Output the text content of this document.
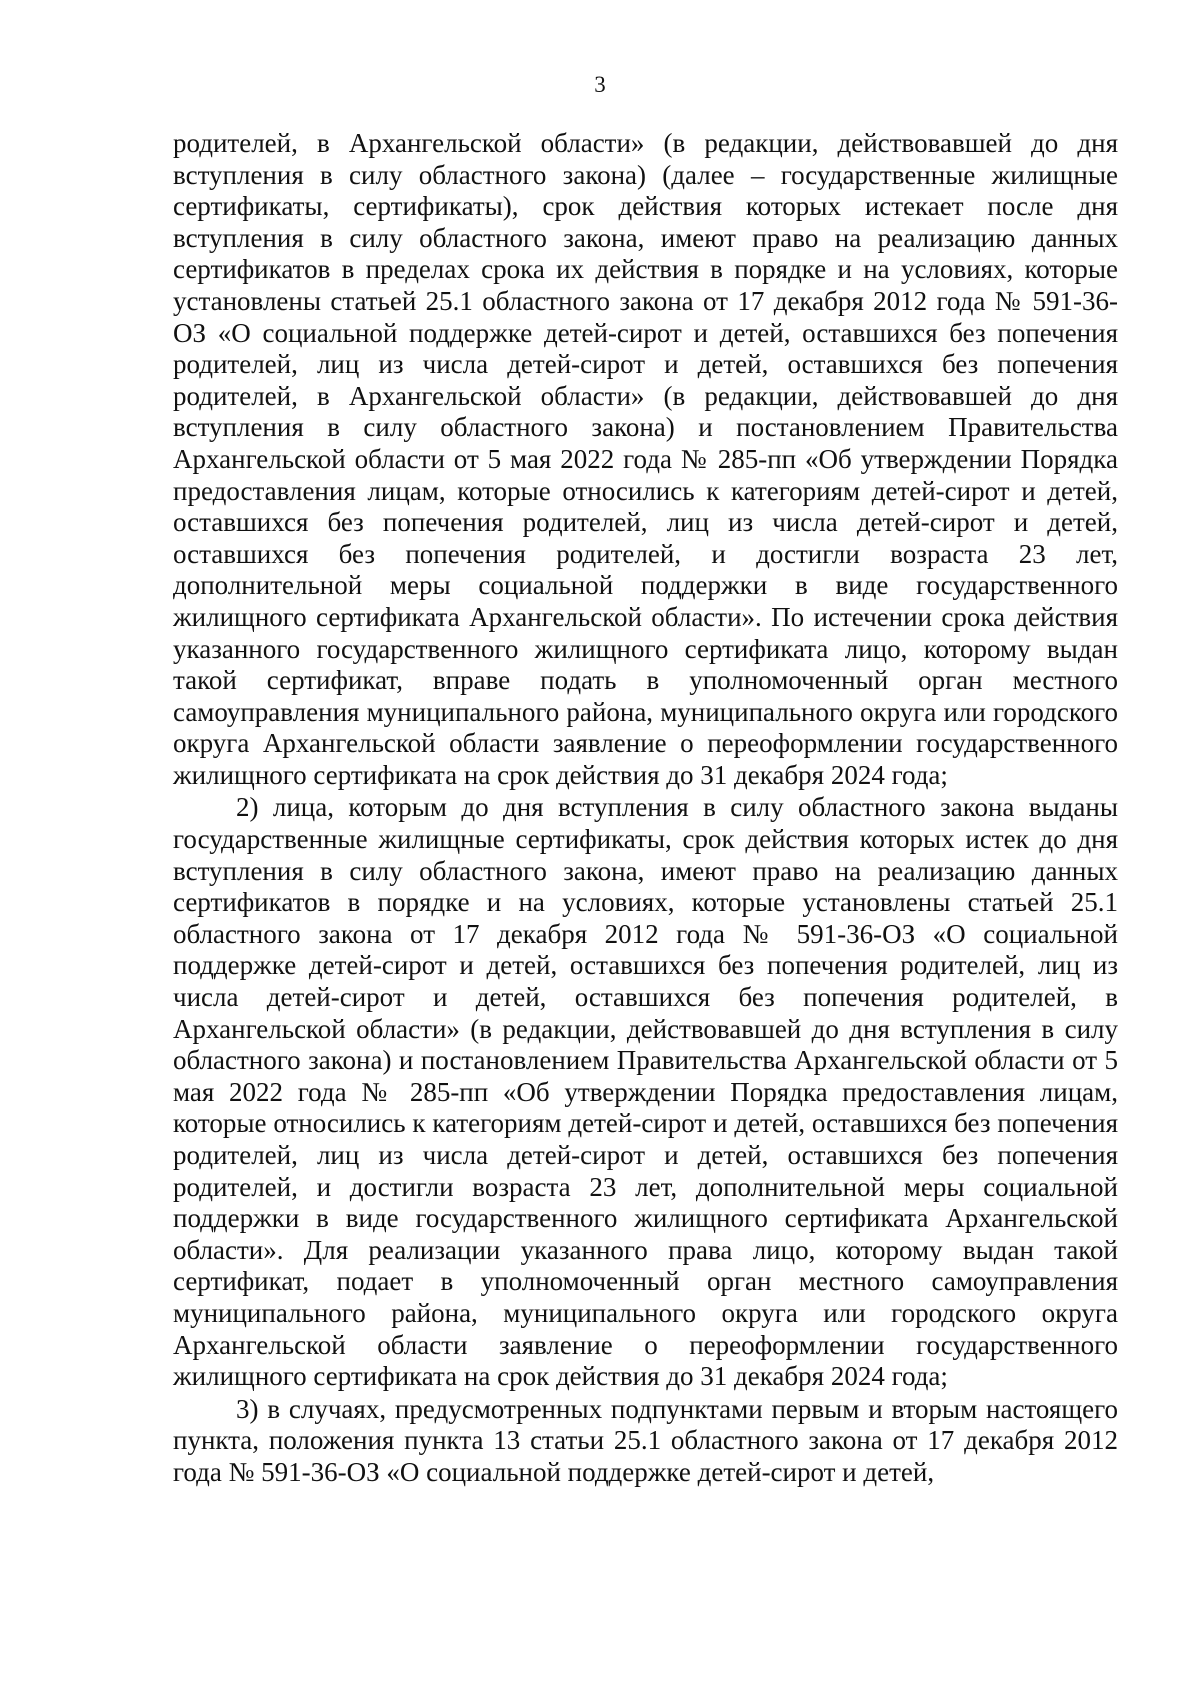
3

родителей, в Архангельской области» (в редакции, действовавшей до дня вступления в силу областного закона) (далее – государственные жилищные сертификаты, сертификаты), срок действия которых истекает после дня вступления в силу областного закона, имеют право на реализацию данных сертификатов в пределах срока их действия в порядке и на условиях, которые установлены статьей 25.1 областного закона от 17 декабря 2012 года № 591-36-ОЗ «О социальной поддержке детей-сирот и детей, оставшихся без попечения родителей, лиц из числа детей-сирот и детей, оставшихся без попечения родителей, в Архангельской области» (в редакции, действовавшей до дня вступления в силу областного закона) и постановлением Правительства Архангельской области от 5 мая 2022 года № 285-пп «Об утверждении Порядка предоставления лицам, которые относились к категориям детей-сирот и детей, оставшихся без попечения родителей, лиц из числа детей-сирот и детей, оставшихся без попечения родителей, и достигли возраста 23 лет, дополнительной меры социальной поддержки в виде государственного жилищного сертификата Архангельской области». По истечении срока действия указанного государственного жилищного сертификата лицо, которому выдан такой сертификат, вправе подать в уполномоченный орган местного самоуправления муниципального района, муниципального округа или городского округа Архангельской области заявление о переоформлении государственного жилищного сертификата на срок действия до 31 декабря 2024 года;

2) лица, которым до дня вступления в силу областного закона выданы государственные жилищные сертификаты, срок действия которых истек до дня вступления в силу областного закона, имеют право на реализацию данных сертификатов в порядке и на условиях, которые установлены статьей 25.1 областного закона от 17 декабря 2012 года № 591-36-ОЗ «О социальной поддержке детей-сирот и детей, оставшихся без попечения родителей, лиц из числа детей-сирот и детей, оставшихся без попечения родителей, в Архангельской области» (в редакции, действовавшей до дня вступления в силу областного закона) и постановлением Правительства Архангельской области от 5 мая 2022 года № 285-пп «Об утверждении Порядка предоставления лицам, которые относились к категориям детей-сирот и детей, оставшихся без попечения родителей, лиц из числа детей-сирот и детей, оставшихся без попечения родителей, и достигли возраста 23 лет, дополнительной меры социальной поддержки в виде государственного жилищного сертификата Архангельской области». Для реализации указанного права лицо, которому выдан такой сертификат, подает в уполномоченный орган местного самоуправления муниципального района, муниципального округа или городского округа Архангельской области заявление о переоформлении государственного жилищного сертификата на срок действия до 31 декабря 2024 года;

3) в случаях, предусмотренных подпунктами первым и вторым настоящего пункта, положения пункта 13 статьи 25.1 областного закона от 17 декабря 2012 года № 591-36-ОЗ «О социальной поддержке детей-сирот и детей,
